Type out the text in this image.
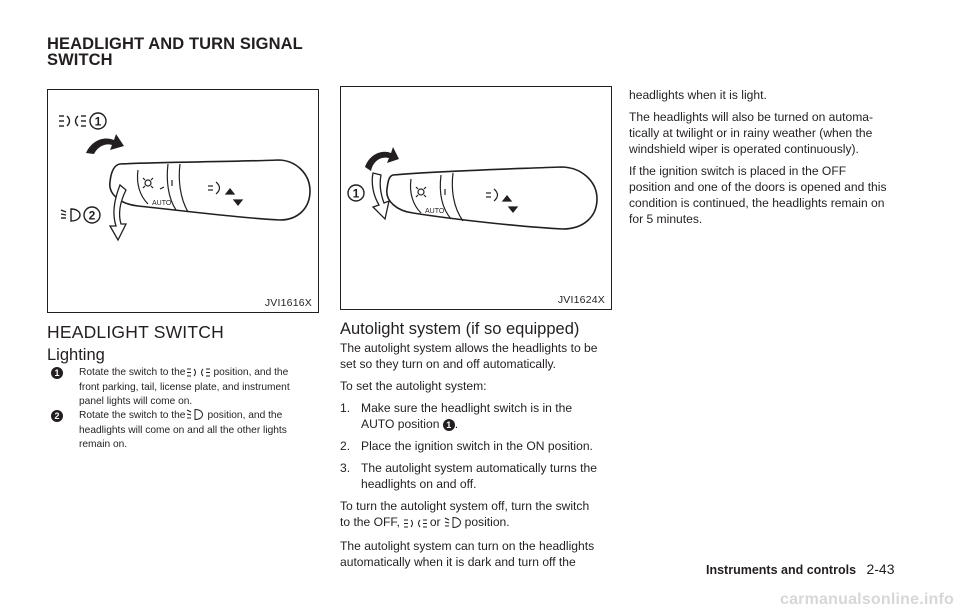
HEADLIGHT AND TURN SIGNAL
SWITCH
1
AUTO
2
JVI1616X
HEADLIGHT SWITCH
Lighting
1	Rotate the switch to the	position, and the
front parking, tail, license plate, and instrument
panel lights will come on.
2	Rotate the switch to the position, and the
headlights will come on and all the other lights
remain on.
1
AUTO
JVI1624X
Autolight system (if so equipped)
The autolight system allows the headlights to be
set so they turn on and off automatically.
To set the autolight system:
1. Make sure the headlight switch is in the
AUTO position 1 .
2. Place the ignition switch in the ON position.
3. The autolight system automatically turns the
headlights on and off.
To turn the autolight system off, turn the switch
to the OFF, or position.
The autolight system can turn on the headlights
automatically when it is dark and turn off the
headlights when it is light.
The headlights will also be turned on automa-
tically at twilight or in rainy weather (when the
windshield wiper is operated continuously).
If the ignition switch is placed in the OFF
position and one of the doors is opened and this
condition is continued, the headlights remain on
for 5 minutes.
Instruments and controls 2-43
carmanualsonline.info
